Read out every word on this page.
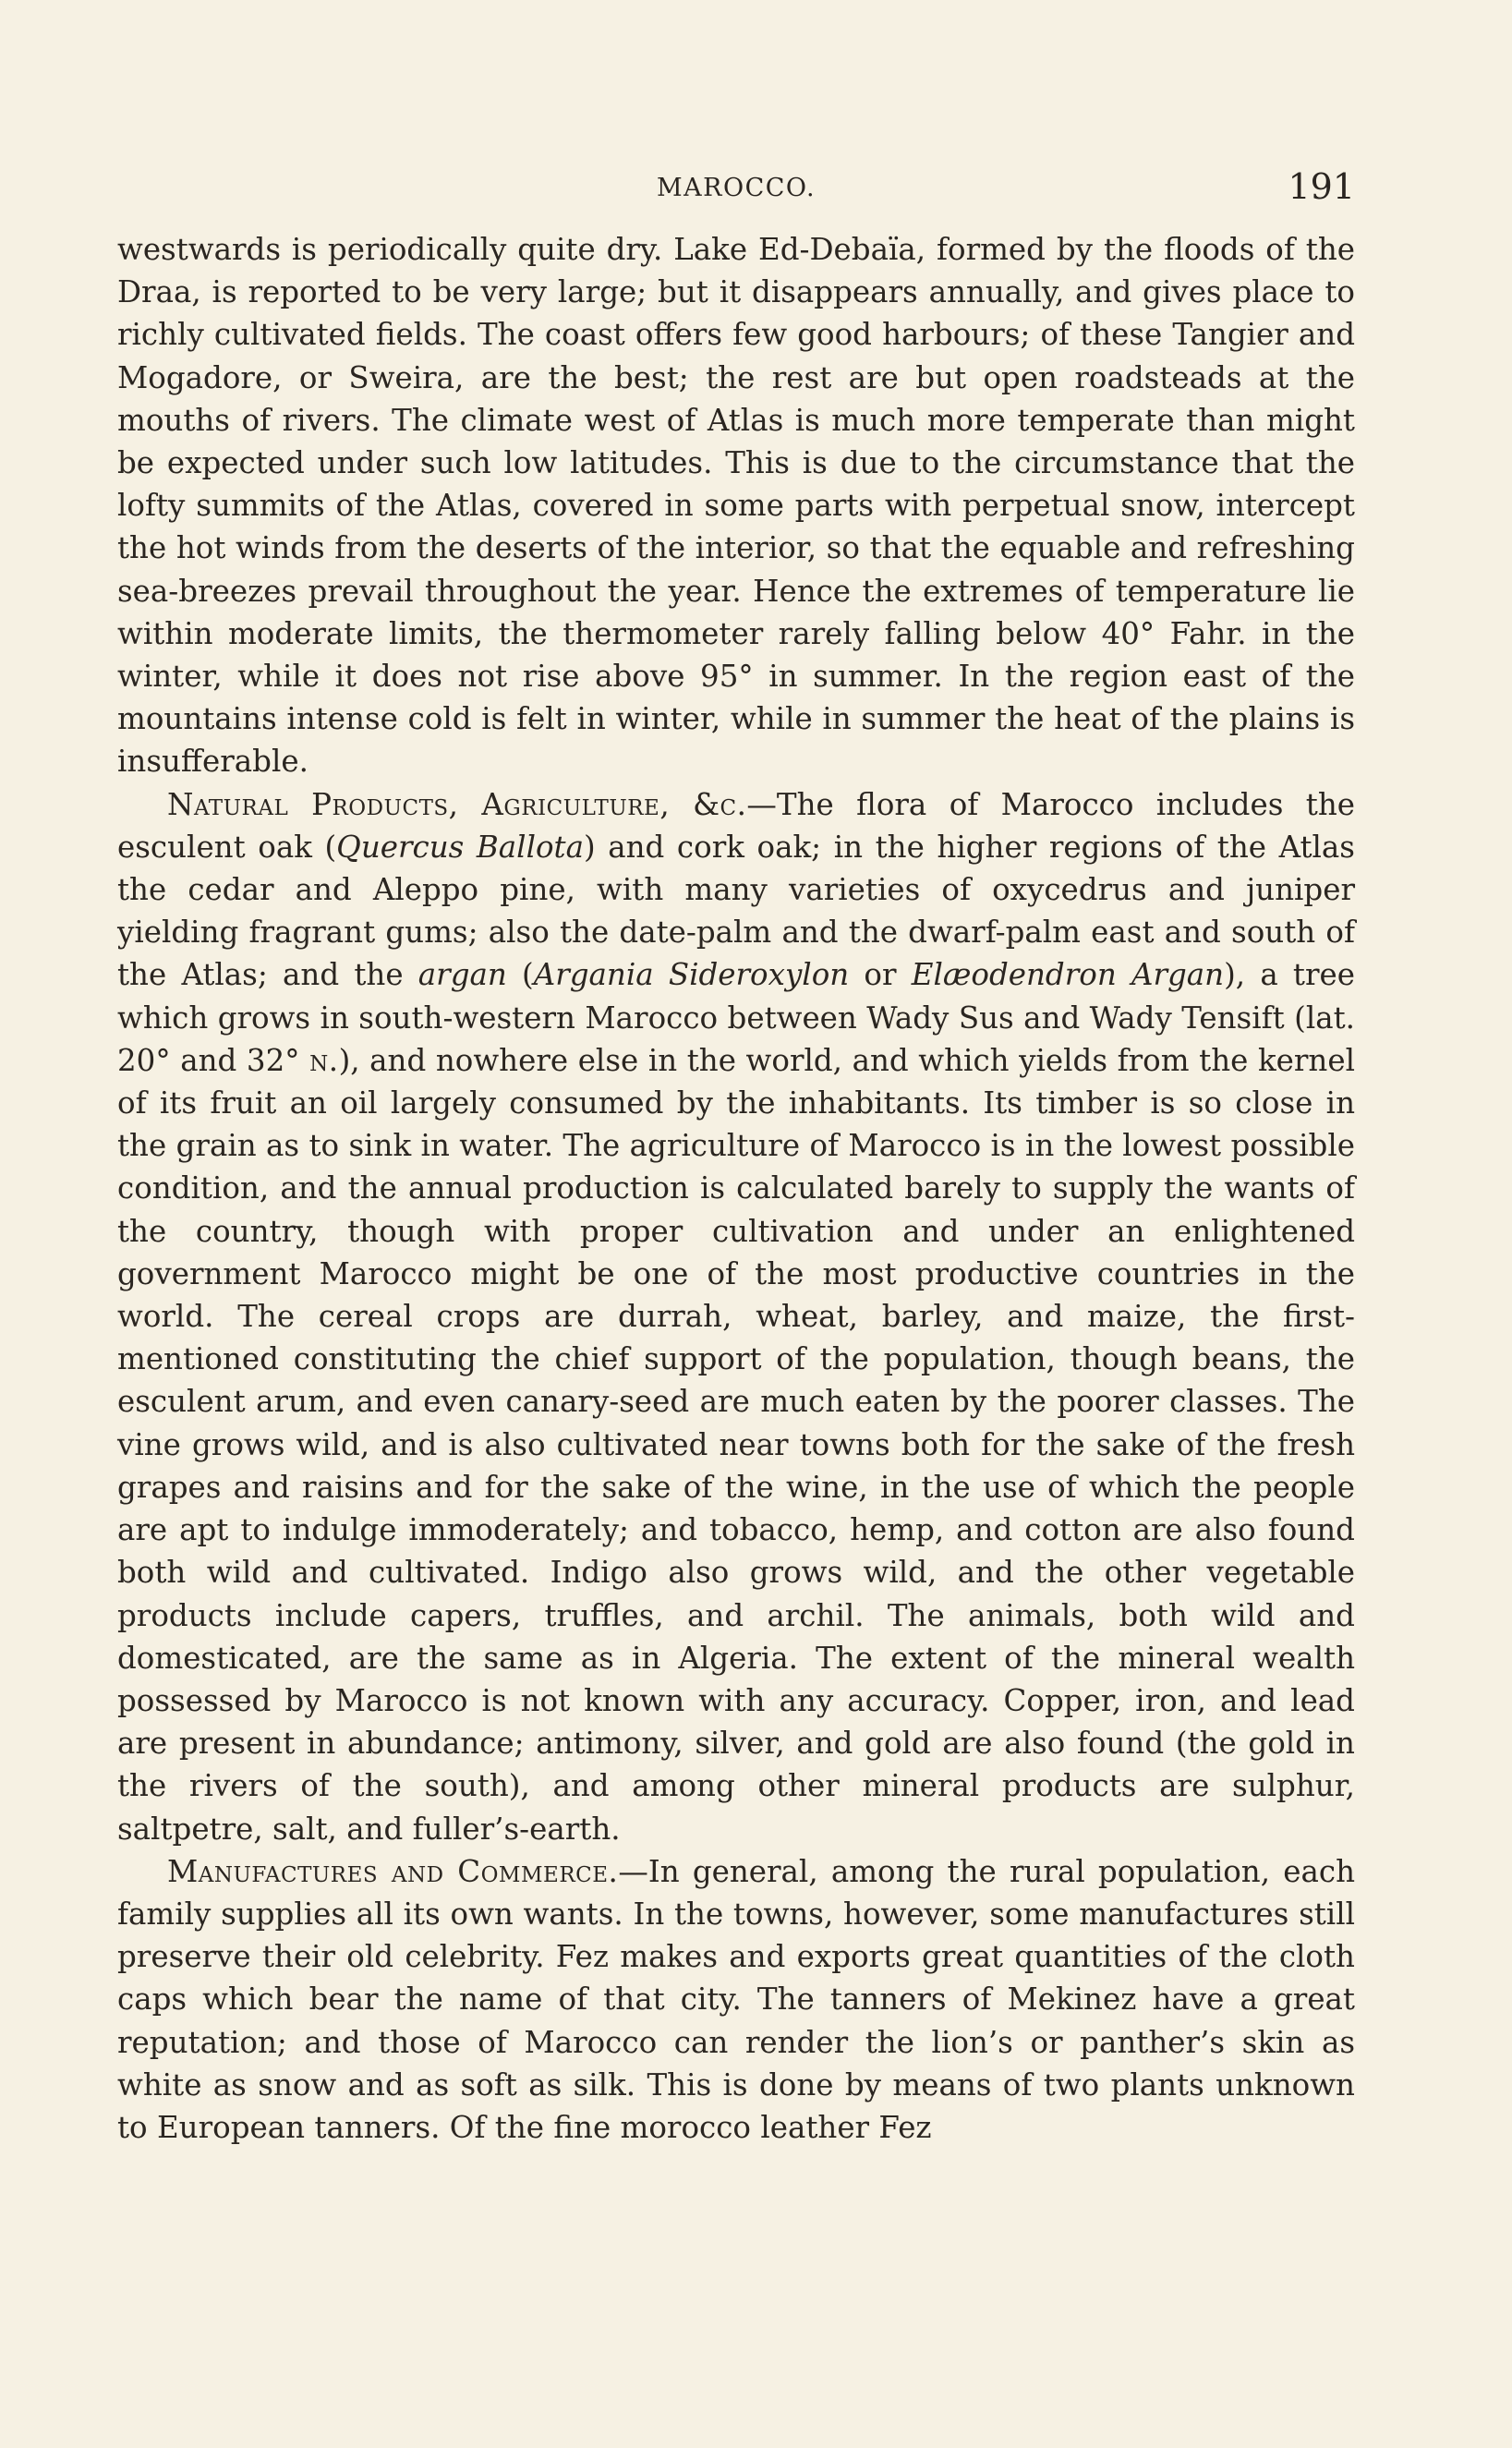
MAROCCO.	191

westwards is periodically quite dry. Lake Ed-Debaïa, formed by the floods of the Draa, is reported to be very large; but it disappears annually, and gives place to richly cultivated fields. The coast offers few good harbours; of these Tangier and Mogadore, or Sweira, are the best; the rest are but open roadsteads at the mouths of rivers. The climate west of Atlas is much more temperate than might be expected under such low latitudes. This is due to the circumstance that the lofty summits of the Atlas, covered in some parts with perpetual snow, intercept the hot winds from the deserts of the interior, so that the equable and refreshing sea-breezes prevail throughout the year. Hence the extremes of temperature lie within moderate limits, the thermometer rarely falling below 40° Fahr. in the winter, while it does not rise above 95° in summer. In the region east of the mountains intense cold is felt in winter, while in summer the heat of the plains is insufferable.

Natural Products, Agriculture, &c.—The flora of Marocco includes the esculent oak (Quercus Ballota) and cork oak; in the higher regions of the Atlas the cedar and Aleppo pine, with many varieties of oxycedrus and juniper yielding fragrant gums; also the date-palm and the dwarf-palm east and south of the Atlas; and the argan (Argania Sideroxylon or Elæodendron Argan), a tree which grows in south-western Marocco between Wady Sus and Wady Tensift (lat. 20° and 32° n.), and nowhere else in the world, and which yields from the kernel of its fruit an oil largely consumed by the inhabitants. Its timber is so close in the grain as to sink in water. The agriculture of Marocco is in the lowest possible condition, and the annual production is calculated barely to supply the wants of the country, though with proper cultivation and under an enlightened government Marocco might be one of the most productive countries in the world. The cereal crops are durrah, wheat, barley, and maize, the first-mentioned constituting the chief support of the population, though beans, the esculent arum, and even canary-seed are much eaten by the poorer classes. The vine grows wild, and is also cultivated near towns both for the sake of the fresh grapes and raisins and for the sake of the wine, in the use of which the people are apt to indulge immoderately; and tobacco, hemp, and cotton are also found both wild and cultivated. Indigo also grows wild, and the other vegetable products include capers, truffles, and archil. The animals, both wild and domesticated, are the same as in Algeria. The extent of the mineral wealth possessed by Marocco is not known with any accuracy. Copper, iron, and lead are present in abundance; antimony, silver, and gold are also found (the gold in the rivers of the south), and among other mineral products are sulphur, saltpetre, salt, and fuller’s-earth.

Manufactures and Commerce.—In general, among the rural population, each family supplies all its own wants. In the towns, however, some manufactures still preserve their old celebrity. Fez makes and exports great quantities of the cloth caps which bear the name of that city. The tanners of Mekinez have a great reputation; and those of Marocco can render the lion’s or panther’s skin as white as snow and as soft as silk. This is done by means of two plants unknown to European tanners. Of the fine morocco leather Fez
